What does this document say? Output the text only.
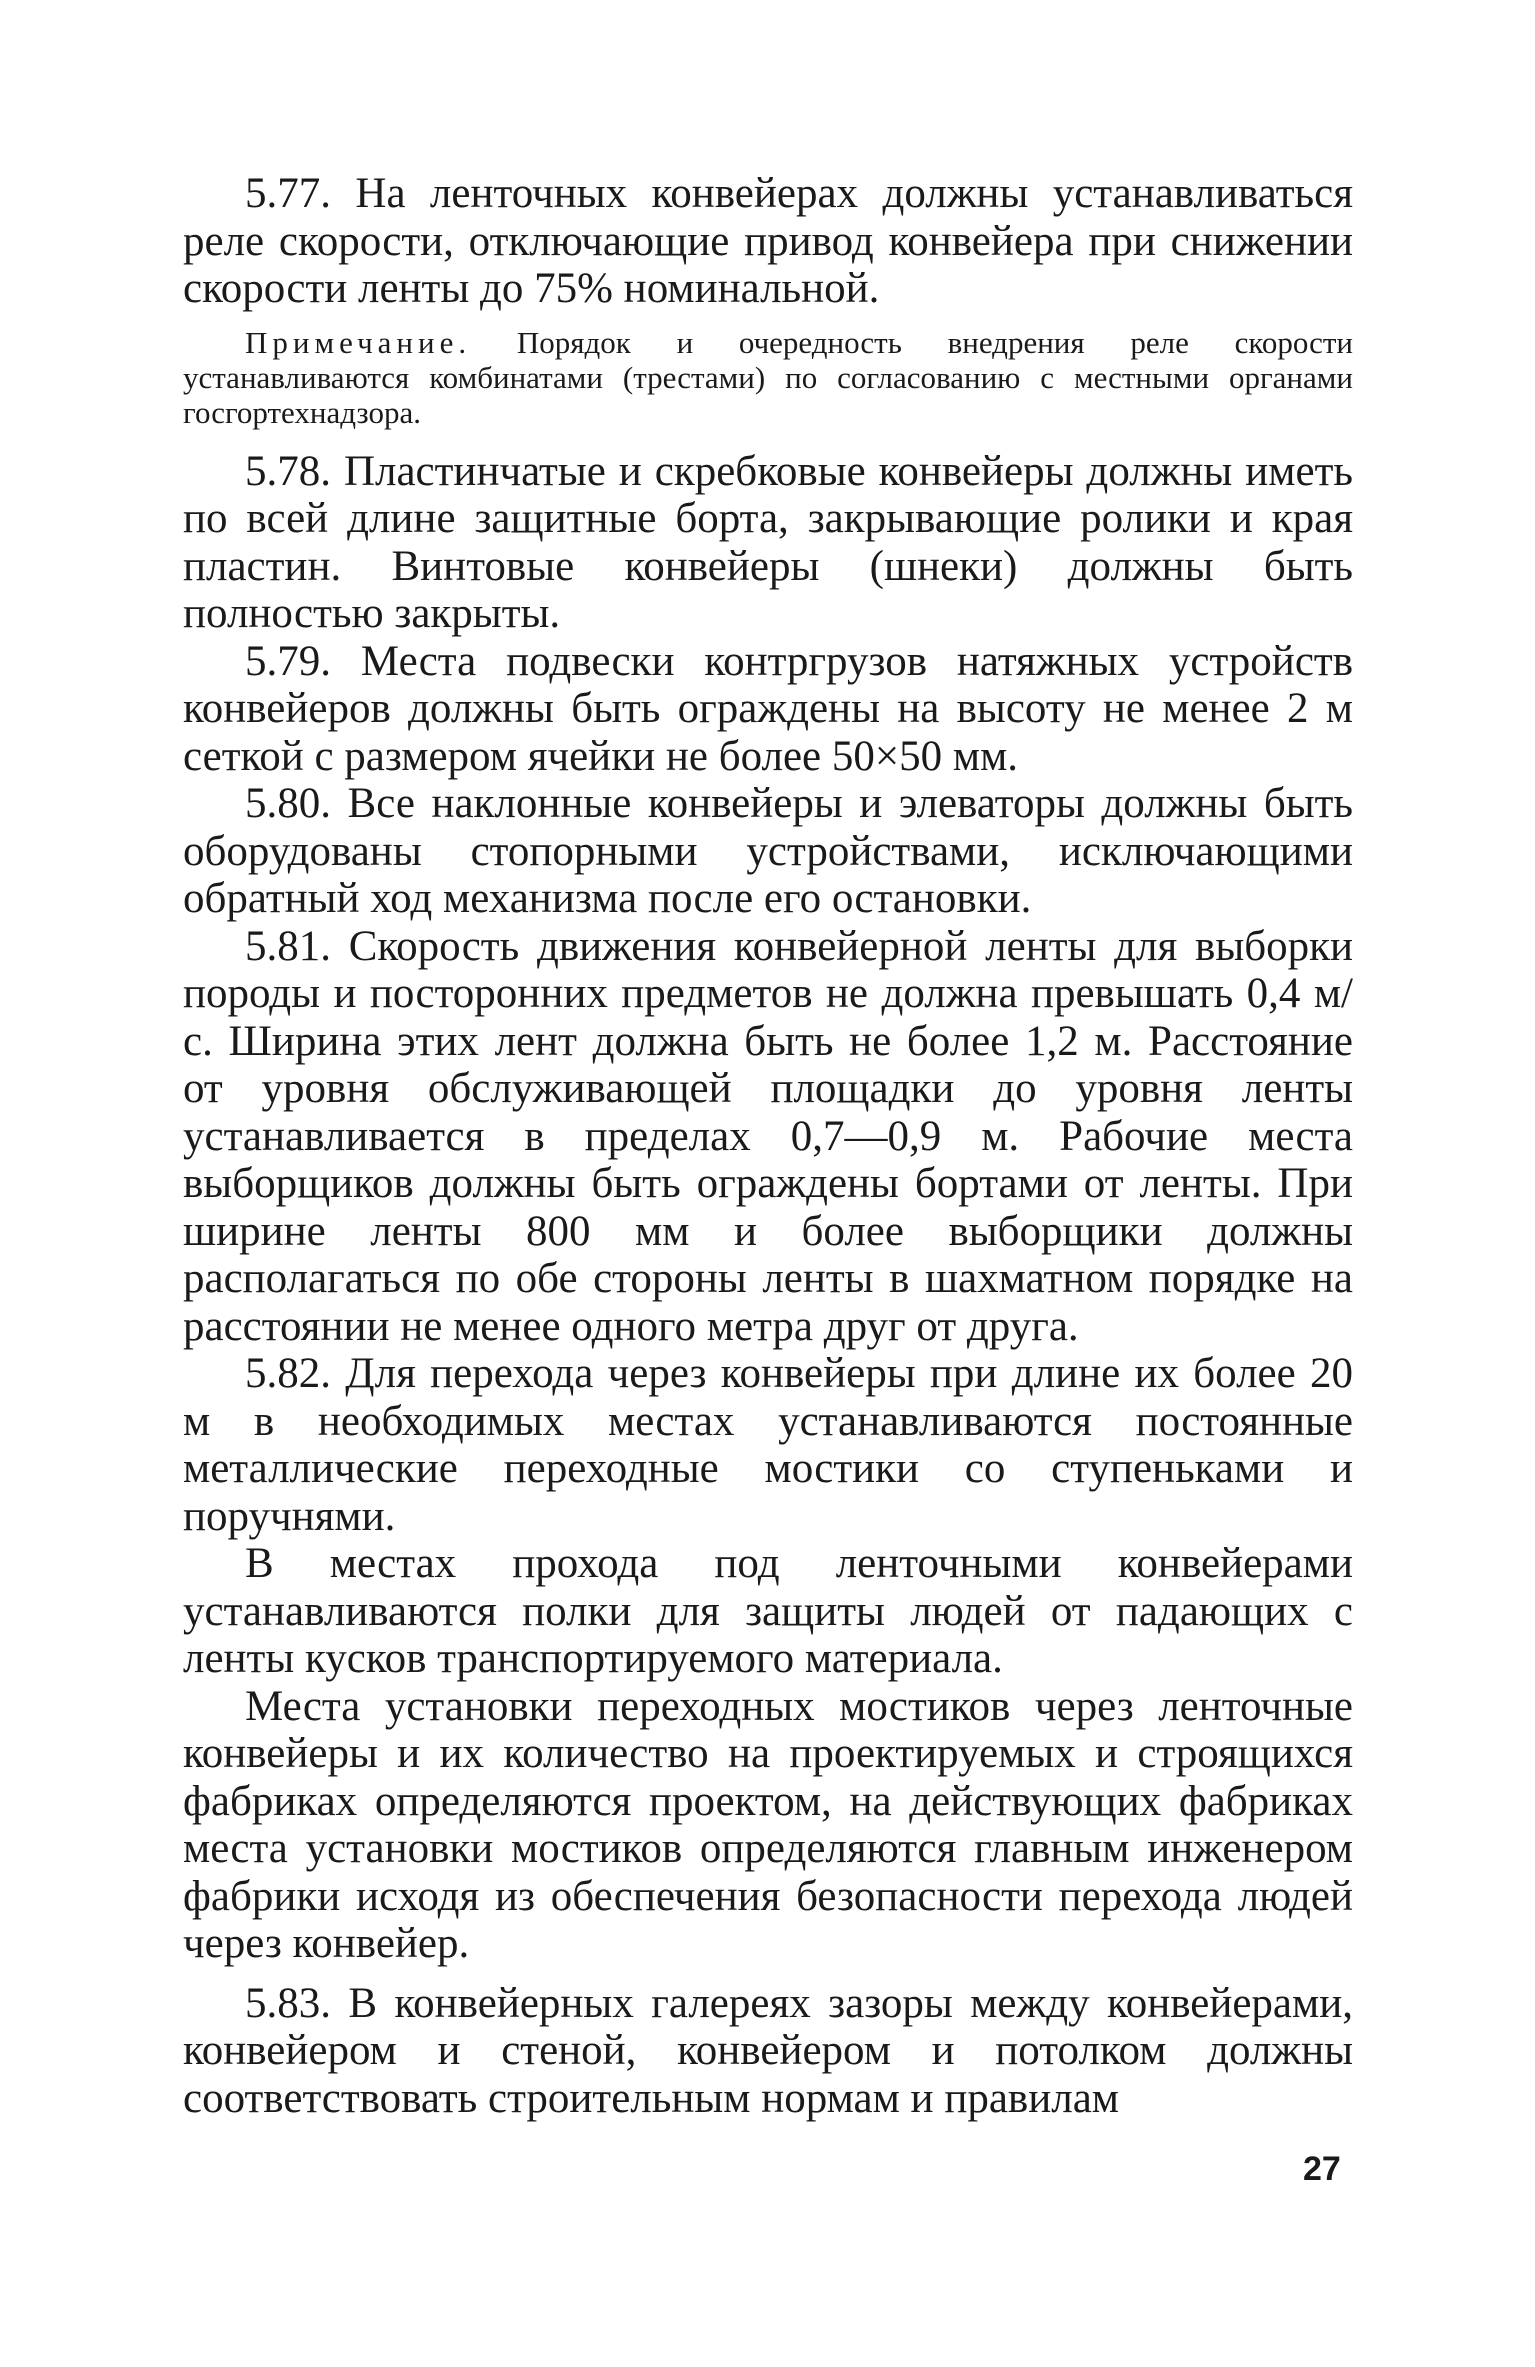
5.77. На ленточных конвейерах должны устанавливаться реле скорости, отключающие привод конвейера при снижении скорости ленты до 75% номинальной.

Примечание. Порядок и очередность внедрения реле скорости устанавливаются комбинатами (трестами) по согласованию с местными органами госгортехнадзора.

5.78. Пластинчатые и скребковые конвейеры должны иметь по всей длине защитные борта, закрывающие ролики и края пластин. Винтовые конвейеры (шнеки) должны быть полностью закрыты.

5.79. Места подвески контргрузов натяжных устройств конвейеров должны быть ограждены на высоту не менее 2 м сеткой с размером ячейки не более 50×50 мм.

5.80. Все наклонные конвейеры и элеваторы должны быть оборудованы стопорными устройствами, исключающими обратный ход механизма после его остановки.

5.81. Скорость движения конвейерной ленты для выборки породы и посторонних предметов не должна превышать 0,4 м/с. Ширина этих лент должна быть не более 1,2 м. Расстояние от уровня обслуживающей площадки до уровня ленты устанавливается в пределах 0,7—0,9 м. Рабочие места выборщиков должны быть ограждены бортами от ленты. При ширине ленты 800 мм и более выборщики должны располагаться по обе стороны ленты в шахматном порядке на расстоянии не менее одного метра друг от друга.

5.82. Для перехода через конвейеры при длине их более 20 м в необходимых местах устанавливаются постоянные металлические переходные мостики со ступеньками и поручнями.

В местах прохода под ленточными конвейерами устанавливаются полки для защиты людей от падающих с ленты кусков транспортируемого материала.

Места установки переходных мостиков через ленточные конвейеры и их количество на проектируемых и строящихся фабриках определяются проектом, на действующих фабриках места установки мостиков определяются главным инженером фабрики исходя из обеспечения безопасности перехода людей через конвейер.

5.83. В конвейерных галереях зазоры между конвейерами, конвейером и стеной, конвейером и потолком должны соответствовать строительным нормам и правилам

27
